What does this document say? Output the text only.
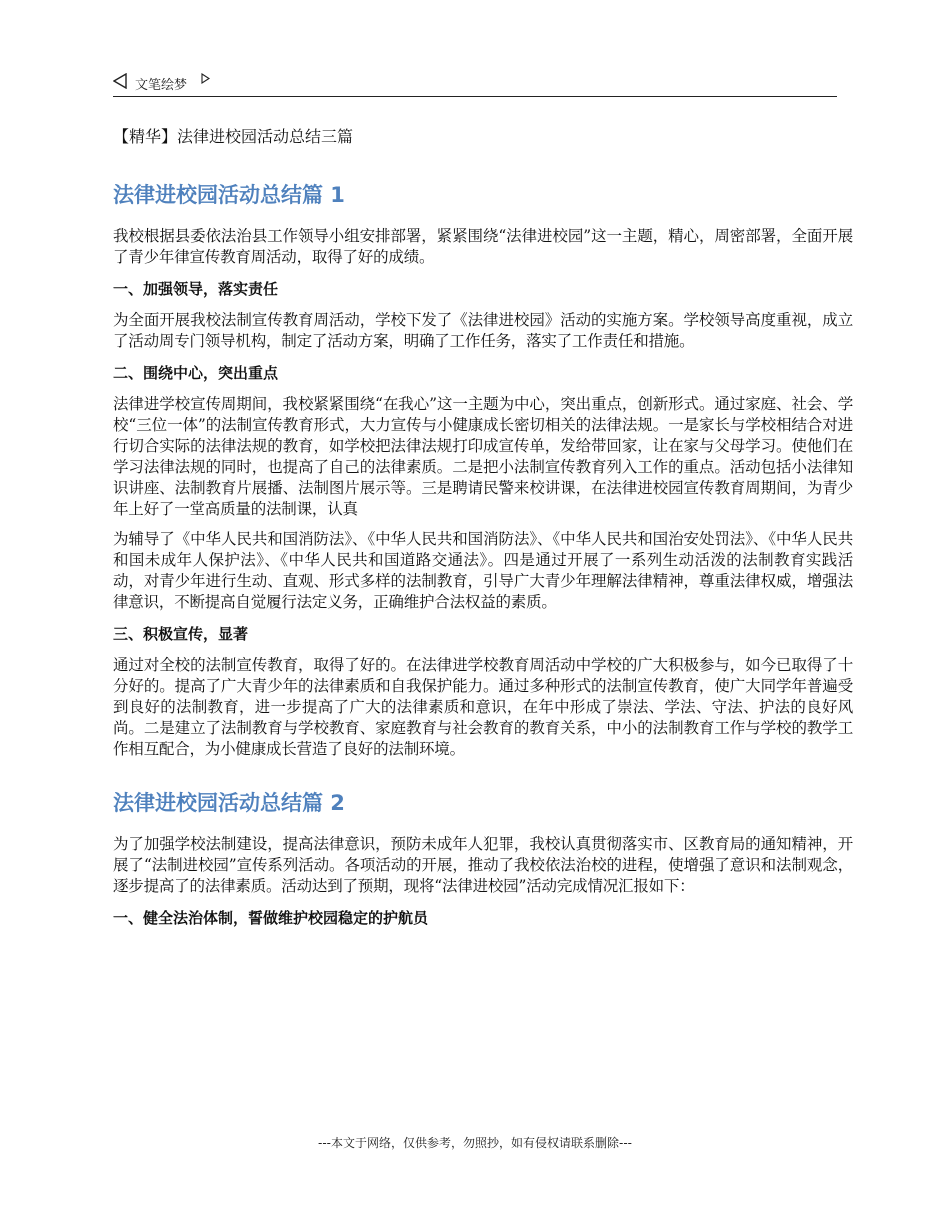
文笔绘梦
【精华】法律进校园活动总结三篇
法律进校园活动总结篇 1
我校根据县委依法治县工作领导小组安排部署，紧紧围绕“法律进校园”这一主题，精心，周密部署，全面开展了青少年律宣传教育周活动，取得了好的成绩。
一、加强领导，落实责任
为全面开展我校法制宣传教育周活动，学校下发了《法律进校园》活动的实施方案。学校领导高度重视，成立了活动周专门领导机构，制定了活动方案，明确了工作任务，落实了工作责任和措施。
二、围绕中心，突出重点
法律进学校宣传周期间，我校紧紧围绕“在我心”这一主题为中心，突出重点，创新形式。通过家庭、社会、学校“三位一体”的法制宣传教育形式，大力宣传与小健康成长密切相关的法律法规。一是家长与学校相结合对进行切合实际的法律法规的教育，如学校把法律法规打印成宣传单，发给带回家，让在家与父母学习。使他们在学习法律法规的同时，也提高了自己的法律素质。二是把小法制宣传教育列入工作的重点。活动包括小法律知识讲座、法制教育片展播、法制图片展示等。三是聘请民警来校讲课，在法律进校园宣传教育周期间，为青少年上好了一堂高质量的法制课，认真
为辅导了《中华人民共和国消防法》、《中华人民共和国消防法》、《中华人民共和国治安处罚法》、《中华人民共和国未成年人保护法》、《中华人民共和国道路交通法》。四是通过开展了一系列生动活泼的法制教育实践活动，对青少年进行生动、直观、形式多样的法制教育，引导广大青少年理解法律精神，尊重法律权威，增强法律意识，不断提高自觉履行法定义务，正确维护合法权益的素质。
三、积极宣传，显著
通过对全校的法制宣传教育，取得了好的。在法律进学校教育周活动中学校的广大积极参与，如今已取得了十分好的。提高了广大青少年的法律素质和自我保护能力。通过多种形式的法制宣传教育，使广大同学年普遍受到良好的法制教育，进一步提高了广大的法律素质和意识，在年中形成了崇法、学法、守法、护法的良好风尚。二是建立了法制教育与学校教育、家庭教育与社会教育的教育关系，中小的法制教育工作与学校的教学工作相互配合，为小健康成长营造了良好的法制环境。
法律进校园活动总结篇 2
为了加强学校法制建设，提高法律意识，预防未成年人犯罪，我校认真贯彻落实市、区教育局的通知精神，开展了“法制进校园”宣传系列活动。各项活动的开展，推动了我校依法治校的进程，使增强了意识和法制观念，逐步提高了的法律素质。活动达到了预期，现将“法律进校园”活动完成情况汇报如下：
一、健全法治体制，誓做维护校园稳定的护航员
---本文于网络，仅供参考，勿照抄，如有侵权请联系删除---
